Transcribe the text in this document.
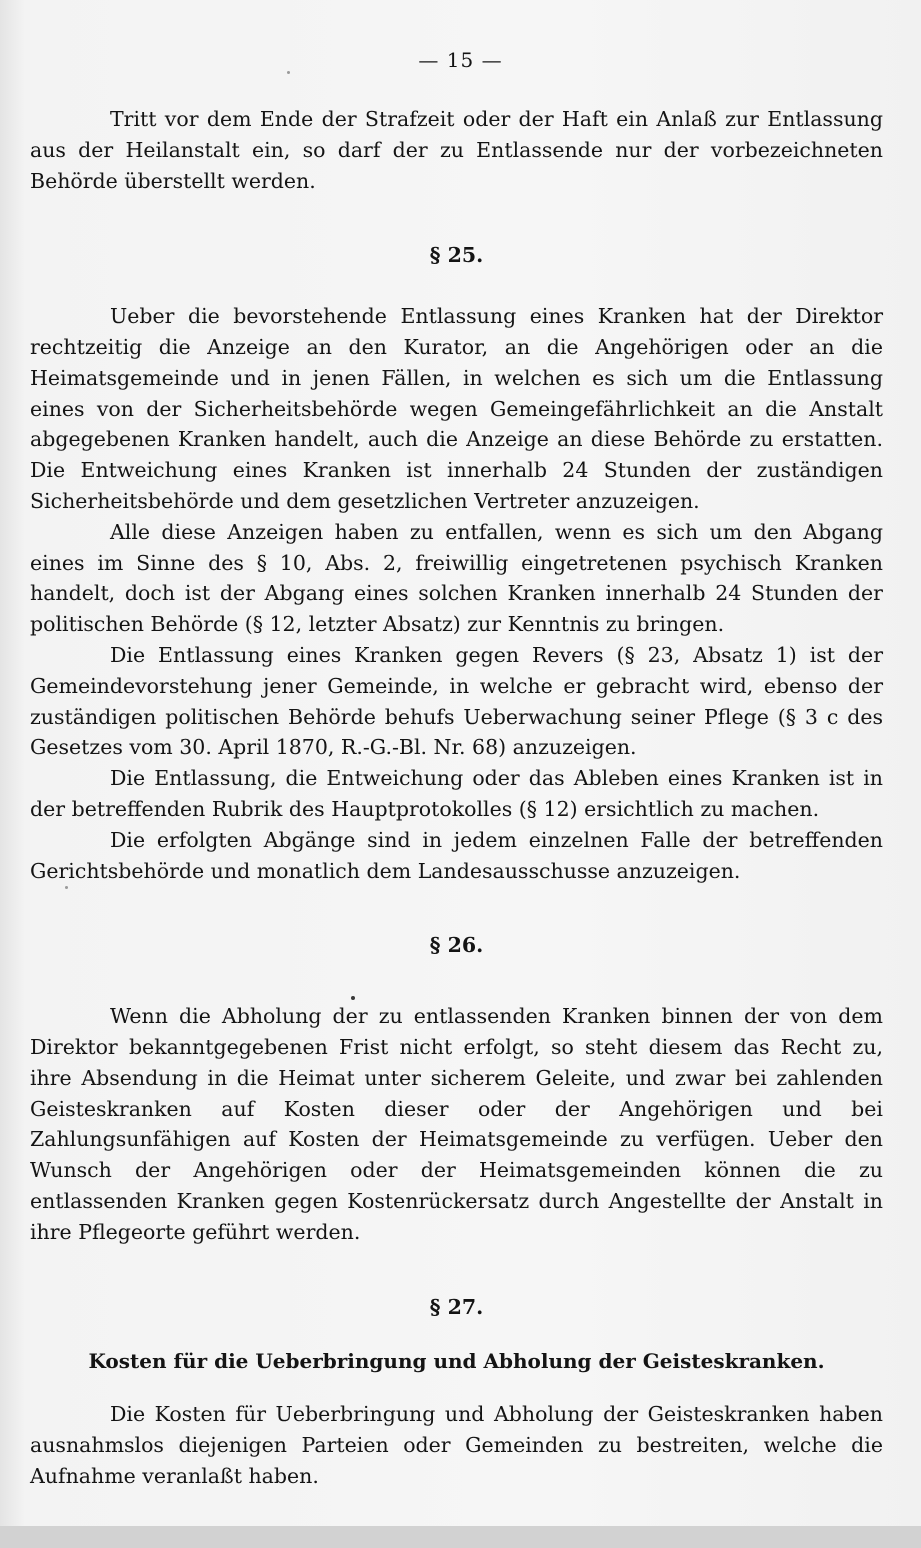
— 15 —

Tritt vor dem Ende der Strafzeit oder der Haft ein Anlaß zur Entlassung aus der Heilanstalt ein, so darf der zu Entlassende nur der vorbezeichneten Behörde überstellt werden.

§ 25.

Ueber die bevorstehende Entlassung eines Kranken hat der Direktor rechtzeitig die Anzeige an den Kurator, an die Angehörigen oder an die Heimatsgemeinde und in jenen Fällen, in welchen es sich um die Entlassung eines von der Sicherheitsbehörde wegen Gemeingefährlichkeit an die Anstalt abgegebenen Kranken handelt, auch die Anzeige an diese Behörde zu erstatten. Die Entweichung eines Kranken ist innerhalb 24 Stunden der zuständigen Sicherheitsbehörde und dem gesetzlichen Vertreter anzuzeigen.

Alle diese Anzeigen haben zu entfallen, wenn es sich um den Abgang eines im Sinne des § 10, Abs. 2, freiwillig eingetretenen psychisch Kranken handelt, doch ist der Abgang eines solchen Kranken innerhalb 24 Stunden der politischen Behörde (§ 12, letzter Absatz) zur Kenntnis zu bringen.

Die Entlassung eines Kranken gegen Revers (§ 23, Absatz 1) ist der Gemeindevorstehung jener Gemeinde, in welche er gebracht wird, ebenso der zuständigen politischen Behörde behufs Ueberwachung seiner Pflege (§ 3 c des Gesetzes vom 30. April 1870, R.-G.-Bl. Nr. 68) anzuzeigen.

Die Entlassung, die Entweichung oder das Ableben eines Kranken ist in der betreffenden Rubrik des Hauptprotokolles (§ 12) ersichtlich zu machen.

Die erfolgten Abgänge sind in jedem einzelnen Falle der betreffenden Gerichtsbehörde und monatlich dem Landesausschusse anzuzeigen.

§ 26.

Wenn die Abholung der zu entlassenden Kranken binnen der von dem Direktor bekanntgegebenen Frist nicht erfolgt, so steht diesem das Recht zu, ihre Absendung in die Heimat unter sicherem Geleite, und zwar bei zahlenden Geisteskranken auf Kosten dieser oder der Angehörigen und bei Zahlungsunfähigen auf Kosten der Heimatsgemeinde zu verfügen. Ueber den Wunsch der Angehörigen oder der Heimatsgemeinden können die zu entlassenden Kranken gegen Kostenrückersatz durch Angestellte der Anstalt in ihre Pflegeorte geführt werden.

§ 27.
Kosten für die Ueberbringung und Abholung der Geisteskranken.

Die Kosten für Ueberbringung und Abholung der Geisteskranken haben ausnahmslos diejenigen Parteien oder Gemeinden zu bestreiten, welche die Aufnahme veranlaßt haben.
